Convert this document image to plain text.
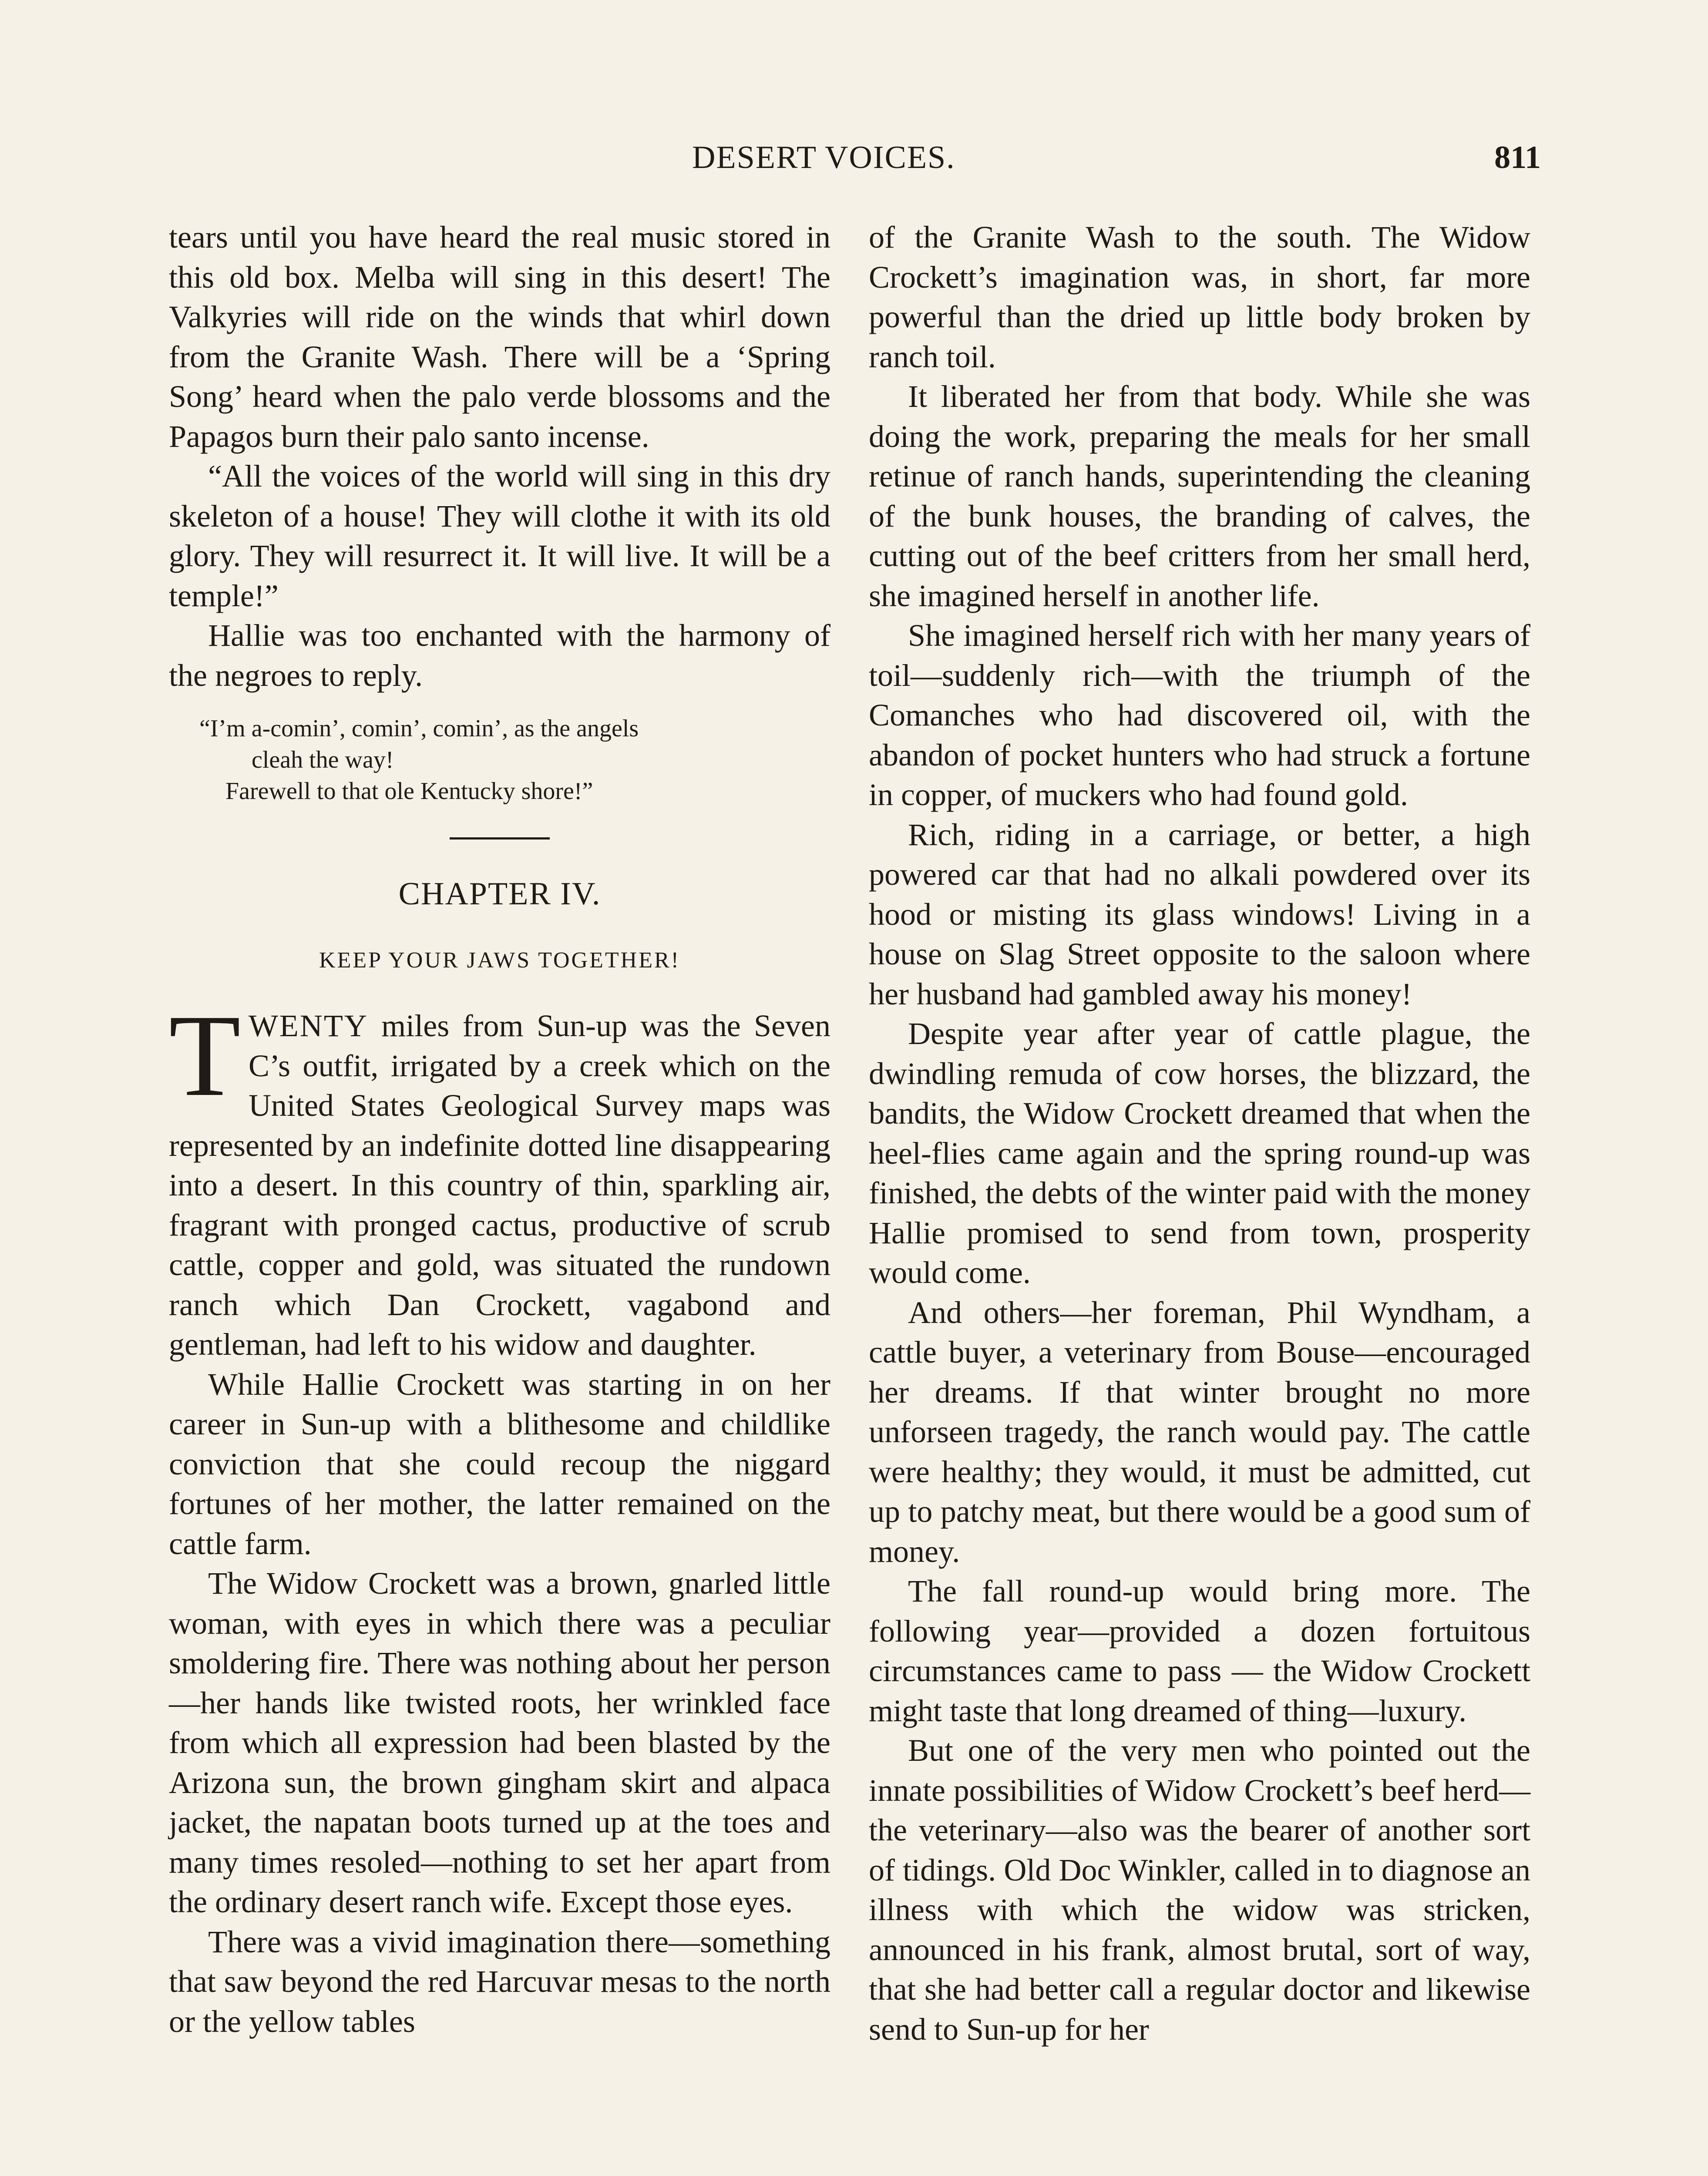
DESERT VOICES.	811

tears until you have heard the real music stored in this old box. Melba will sing in this desert! The Valkyries will ride on the winds that whirl down from the Granite Wash. There will be a ‘Spring Song’ heard when the palo verde blossoms and the Papagos burn their palo santo incense.

“All the voices of the world will sing in this dry skeleton of a house! They will clothe it with its old glory. They will resurrect it. It will live. It will be a temple!”

Hallie was too enchanted with the harmony of the negroes to reply.

“I’m a-comin’, comin’, comin’, as the angels
cleah the way!
Farewell to that ole Kentucky shore!”
CHAPTER IV.
KEEP YOUR JAWS TOGETHER!

TWENTY miles from Sun-up was the Seven C’s outfit, irrigated by a creek which on the United States Geological Survey maps was represented by an indefinite dotted line disappearing into a desert. In this country of thin, sparkling air, fragrant with pronged cactus, productive of scrub cattle, copper and gold, was situated the rundown ranch which Dan Crockett, vagabond and gentleman, had left to his widow and daughter.

While Hallie Crockett was starting in on her career in Sun-up with a blithesome and childlike conviction that she could recoup the niggard fortunes of her mother, the latter remained on the cattle farm.

The Widow Crockett was a brown, gnarled little woman, with eyes in which there was a peculiar smoldering fire. There was nothing about her person—her hands like twisted roots, her wrinkled face from which all expression had been blasted by the Arizona sun, the brown gingham skirt and alpaca jacket, the napatan boots turned up at the toes and many times resoled—nothing to set her apart from the ordinary desert ranch wife. Except those eyes.

There was a vivid imagination there—something that saw beyond the red Harcuvar mesas to the north or the yellow tables

of the Granite Wash to the south. The Widow Crockett’s imagination was, in short, far more powerful than the dried up little body broken by ranch toil.

It liberated her from that body. While she was doing the work, preparing the meals for her small retinue of ranch hands, superintending the cleaning of the bunk houses, the branding of calves, the cutting out of the beef critters from her small herd, she imagined herself in another life.

She imagined herself rich with her many years of toil—suddenly rich—with the triumph of the Comanches who had discovered oil, with the abandon of pocket hunters who had struck a fortune in copper, of muckers who had found gold.

Rich, riding in a carriage, or better, a high powered car that had no alkali powdered over its hood or misting its glass windows! Living in a house on Slag Street opposite to the saloon where her husband had gambled away his money!

Despite year after year of cattle plague, the dwindling remuda of cow horses, the blizzard, the bandits, the Widow Crockett dreamed that when the heel-flies came again and the spring round-up was finished, the debts of the winter paid with the money Hallie promised to send from town, prosperity would come.

And others—her foreman, Phil Wyndham, a cattle buyer, a veterinary from Bouse—encouraged her dreams. If that winter brought no more unforseen tragedy, the ranch would pay. The cattle were healthy; they would, it must be admitted, cut up to patchy meat, but there would be a good sum of money.

The fall round-up would bring more. The following year—provided a dozen fortuitous circumstances came to pass — the Widow Crockett might taste that long dreamed of thing—luxury.

But one of the very men who pointed out the innate possibilities of Widow Crockett’s beef herd—the veterinary—also was the bearer of another sort of tidings. Old Doc Winkler, called in to diagnose an illness with which the widow was stricken, announced in his frank, almost brutal, sort of way, that she had better call a regular doctor and likewise send to Sun-up for her
